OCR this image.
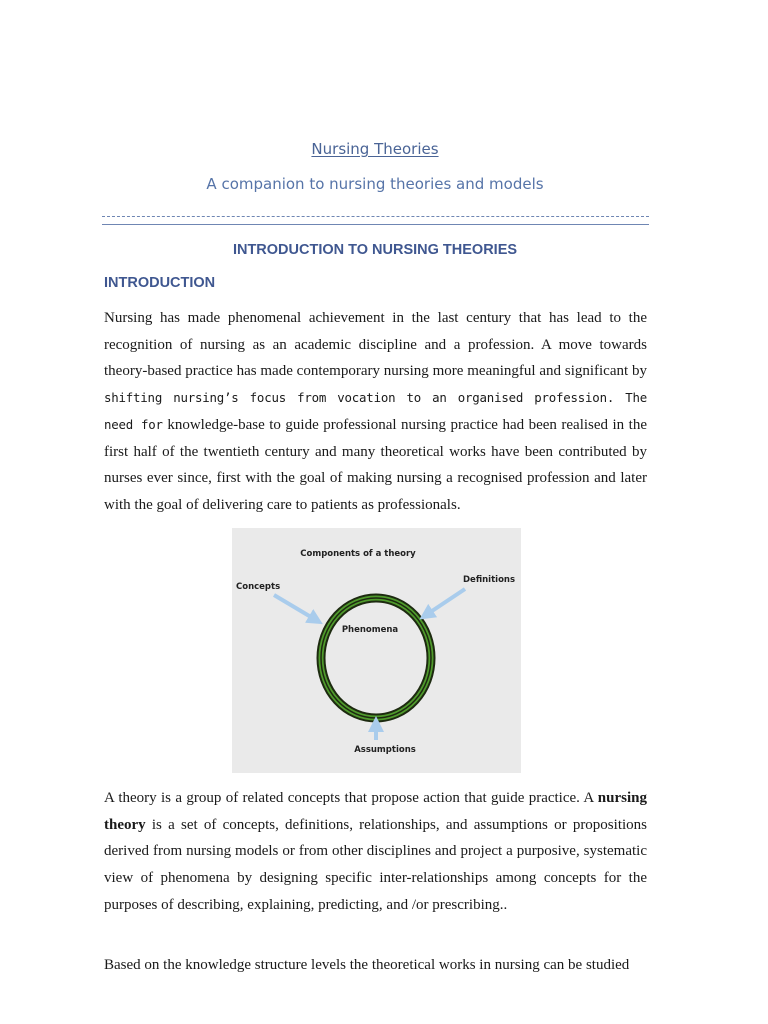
Nursing Theories
A companion to nursing theories and models
INTRODUCTION TO NURSING THEORIES
INTRODUCTION

Nursing has made phenomenal achievement in the last century that has lead to the recognition of nursing as an academic discipline and a profession. A move towards theory-based practice has made contemporary nursing more meaningful and significant by shifting nursing’s focus from vocation to an organised profession. The need for knowledge-base to guide professional nursing practice had been realised in the first half of the twentieth century and many theoretical works have been contributed by nurses ever since, first with the goal of making nursing a recognised profession and later with the goal of delivering care to patients as professionals.

Components of a theory
Concepts
Definitions
Phenomena
Assumptions

A theory is a group of related concepts that propose action that guide practice. A nursing theory is a set of concepts, definitions, relationships, and assumptions or propositions derived from nursing models or from other disciplines and project a purposive, systematic view of phenomena by designing specific inter-relationships among concepts for the purposes of describing, explaining, predicting, and /or prescribing..

Based on the knowledge structure levels the theoretical works in nursing can be studied
